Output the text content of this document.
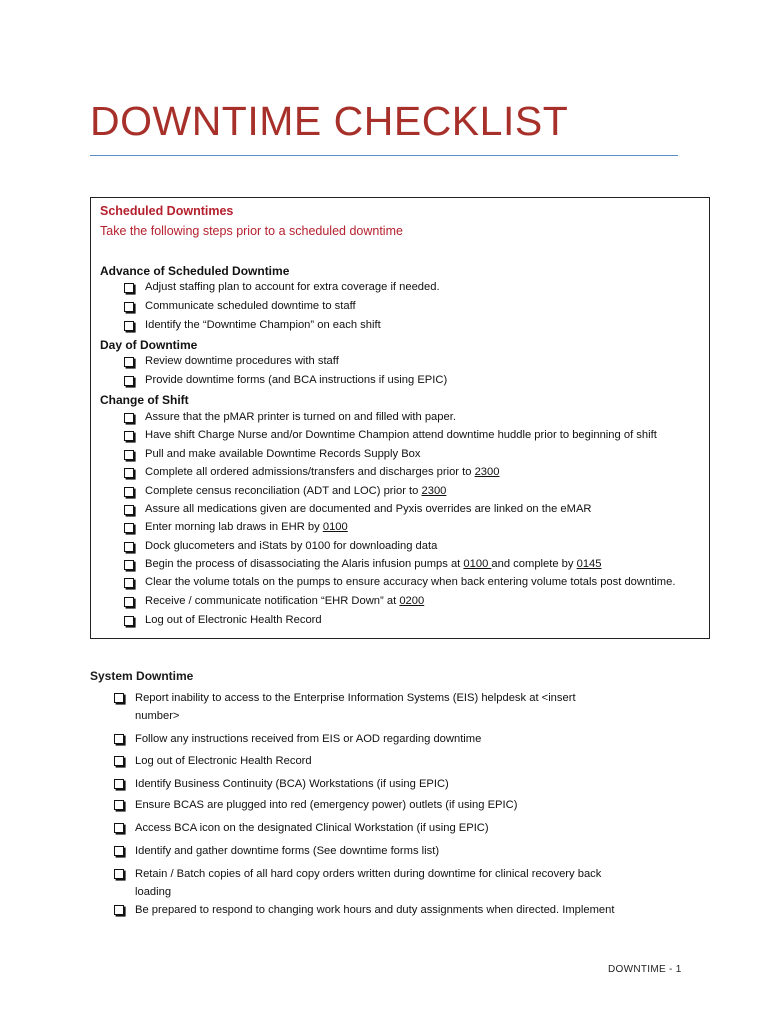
DOWNTIME CHECKLIST
Scheduled Downtimes
Take the following steps prior to a scheduled downtime
Advance of Scheduled Downtime
Adjust staffing plan to account for extra coverage if needed.
Communicate scheduled downtime to staff
Identify the “Downtime Champion” on each shift
Day of Downtime
Review downtime procedures with staff
Provide downtime forms (and BCA instructions if using EPIC)
Change of Shift
Assure that the pMAR printer is turned on and filled with paper.
Have shift Charge Nurse and/or Downtime Champion attend downtime huddle prior to beginning of shift
Pull and make available Downtime Records Supply Box
Complete all ordered admissions/transfers and discharges prior to 2300
Complete census reconciliation (ADT and LOC) prior to 2300
Assure all medications given are documented and Pyxis overrides are linked on the eMAR
Enter morning lab draws in EHR by 0100
Dock glucometers and iStats by 0100 for downloading data
Begin the process of disassociating the Alaris infusion pumps at 0100 and complete by 0145
Clear the volume totals on the pumps to ensure accuracy when back entering volume totals post downtime.
Receive / communicate notification “EHR Down” at 0200
Log out of Electronic Health Record
System Downtime
Report inability to access to the Enterprise Information Systems (EIS) helpdesk at <insert number>
Follow any instructions received from EIS or AOD regarding downtime
Log out of Electronic Health Record
Identify Business Continuity (BCA) Workstations (if using EPIC)
Ensure BCAS are plugged into red (emergency power) outlets (if using EPIC)
Access BCA icon on the designated Clinical Workstation (if using EPIC)
Identify and gather downtime forms (See downtime forms list)
Retain / Batch copies of all hard copy orders written during downtime for clinical recovery back loading
Be prepared to respond to changing work hours and duty assignments when directed. Implement
DOWNTIME - 1
